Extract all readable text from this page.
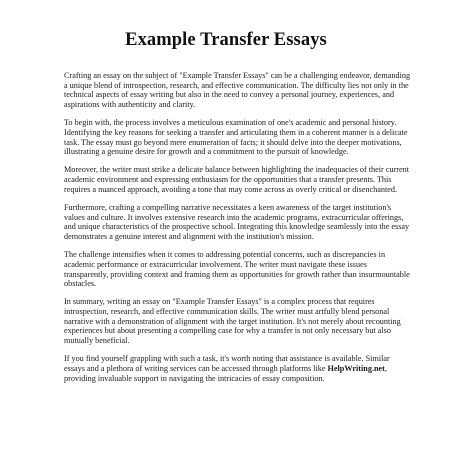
Example Transfer Essays

Crafting an essay on the subject of "Example Transfer Essays" can be a challenging endeavor, demanding a unique blend of introspection, research, and effective communication. The difficulty lies not only in the technical aspects of essay writing but also in the need to convey a personal journey, experiences, and aspirations with authenticity and clarity.

To begin with, the process involves a meticulous examination of one's academic and personal history. Identifying the key reasons for seeking a transfer and articulating them in a coherent manner is a delicate task. The essay must go beyond mere enumeration of facts; it should delve into the deeper motivations, illustrating a genuine desire for growth and a commitment to the pursuit of knowledge.

Moreover, the writer must strike a delicate balance between highlighting the inadequacies of their current academic environment and expressing enthusiasm for the opportunities that a transfer presents. This requires a nuanced approach, avoiding a tone that may come across as overly critical or disenchanted.

Furthermore, crafting a compelling narrative necessitates a keen awareness of the target institution's values and culture. It involves extensive research into the academic programs, extracurricular offerings, and unique characteristics of the prospective school. Integrating this knowledge seamlessly into the essay demonstrates a genuine interest and alignment with the institution's mission.

The challenge intensifies when it comes to addressing potential concerns, such as discrepancies in academic performance or extracurricular involvement. The writer must navigate these issues transparently, providing context and framing them as opportunities for growth rather than insurmountable obstacles.

In summary, writing an essay on "Example Transfer Essays" is a complex process that requires introspection, research, and effective communication skills. The writer must artfully blend personal narrative with a demonstration of alignment with the target institution. It's not merely about recounting experiences but about presenting a compelling case for why a transfer is not only necessary but also mutually beneficial.

If you find yourself grappling with such a task, it's worth noting that assistance is available. Similar essays and a plethora of writing services can be accessed through platforms like HelpWriting.net, providing invaluable support in navigating the intricacies of essay composition.
